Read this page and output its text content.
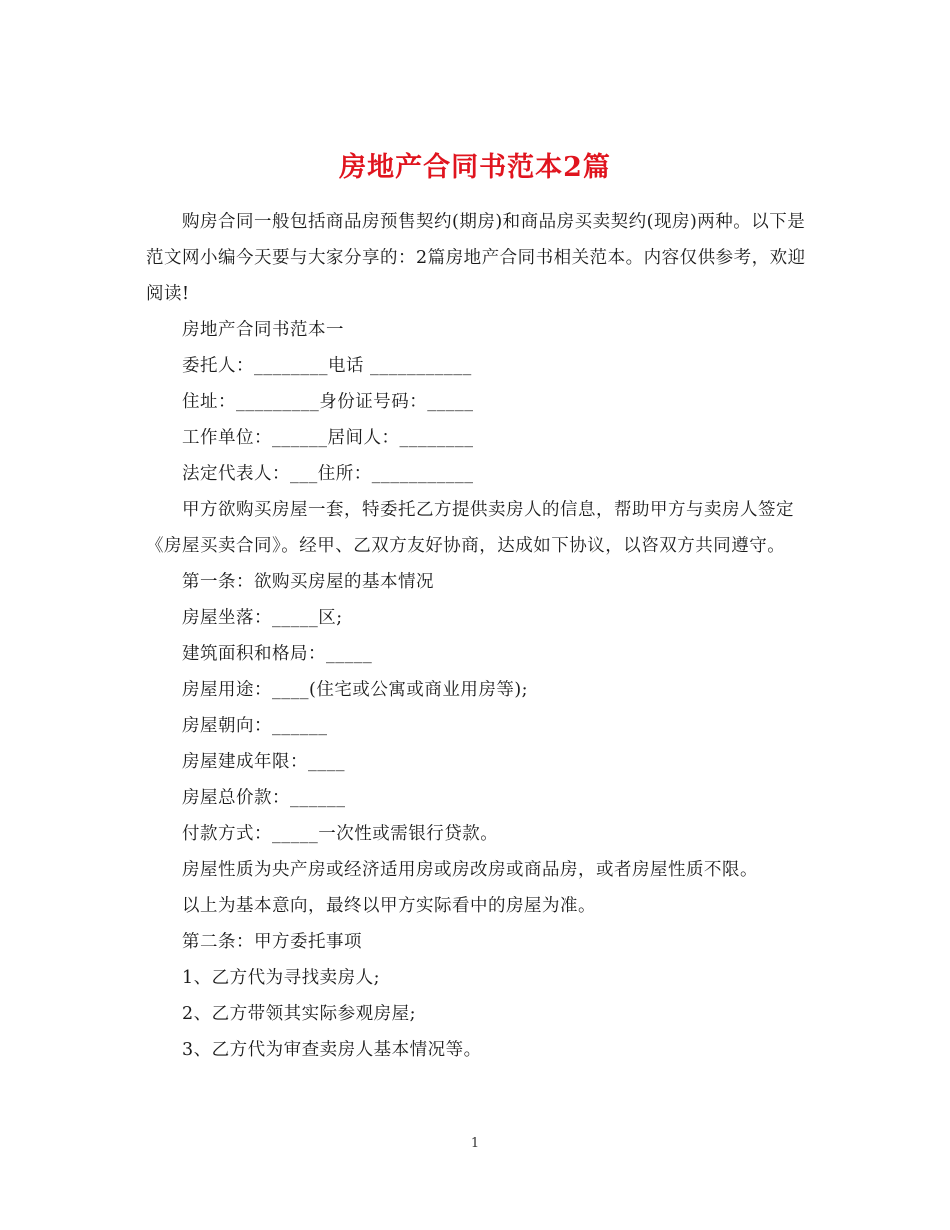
房地产合同书范本2篇

购房合同一般包括商品房预售契约(期房)和商品房买卖契约(现房)两种。以下是范文网小编今天要与大家分享的：2篇房地产合同书相关范本。内容仅供参考，欢迎阅读!

房地产合同书范本一

委托人：________电话 ___________

住址：_________身份证号码：_____

工作单位：______居间人：________

法定代表人：___住所：___________

甲方欲购买房屋一套，特委托乙方提供卖房人的信息，帮助甲方与卖房人签定《房屋买卖合同》。经甲、乙双方友好协商，达成如下协议，以咨双方共同遵守。

第一条：欲购买房屋的基本情况

房屋坐落：_____区;

建筑面积和格局：_____

房屋用途：____(住宅或公寓或商业用房等);

房屋朝向：______

房屋建成年限：____

房屋总价款：______

付款方式：_____一次性或需银行贷款。

房屋性质为央产房或经济适用房或房改房或商品房，或者房屋性质不限。

以上为基本意向，最终以甲方实际看中的房屋为准。

第二条：甲方委托事项

1、乙方代为寻找卖房人;

2、乙方带领其实际参观房屋;

3、乙方代为审查卖房人基本情况等。

1
